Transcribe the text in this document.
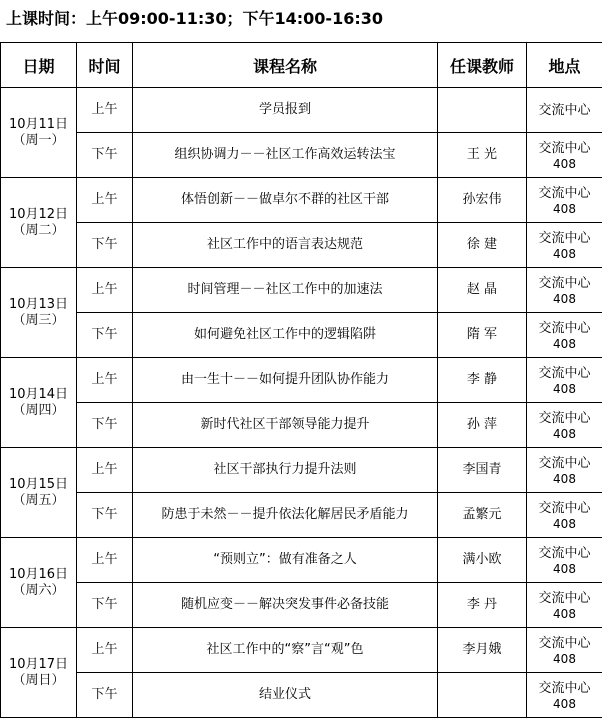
上课时间：上午09:00-11:30；下午14:00-16:30
日期	时间	课程名称	任课教师	地点

10月11日
（周一）	上午	学员报到		交流中心

	下午	组织协调力－－社区工作高效运转法宝	王 光	交流中心
408

10月12日
（周二）	上午	体悟创新－－做卓尔不群的社区干部	孙宏伟	交流中心
408

	下午	社区工作中的语言表达规范	徐 建	交流中心
408

10月13日
（周三）	上午	时间管理－－社区工作中的加速法	赵 晶	交流中心
408

	下午	如何避免社区工作中的逻辑陷阱	隋 军	交流中心
408

10月14日
（周四）	上午	由一生十－－如何提升团队协作能力	李 静	交流中心
408

	下午	新时代社区干部领导能力提升	孙 萍	交流中心
408

10月15日
（周五）	上午	社区干部执行力提升法则	李国青	交流中心
408

	下午	防患于未然－－提升依法化解居民矛盾能力	孟繁元	交流中心
408

10月16日
（周六）	上午	“预则立”：做有准备之人	满小欧	交流中心
408

	下午	随机应变－－解决突发事件必备技能	李 丹	交流中心
408

10月17日
（周日）	上午	社区工作中的“察”言“观”色	李月娥	交流中心
408

	下午	结业仪式		交流中心
408
